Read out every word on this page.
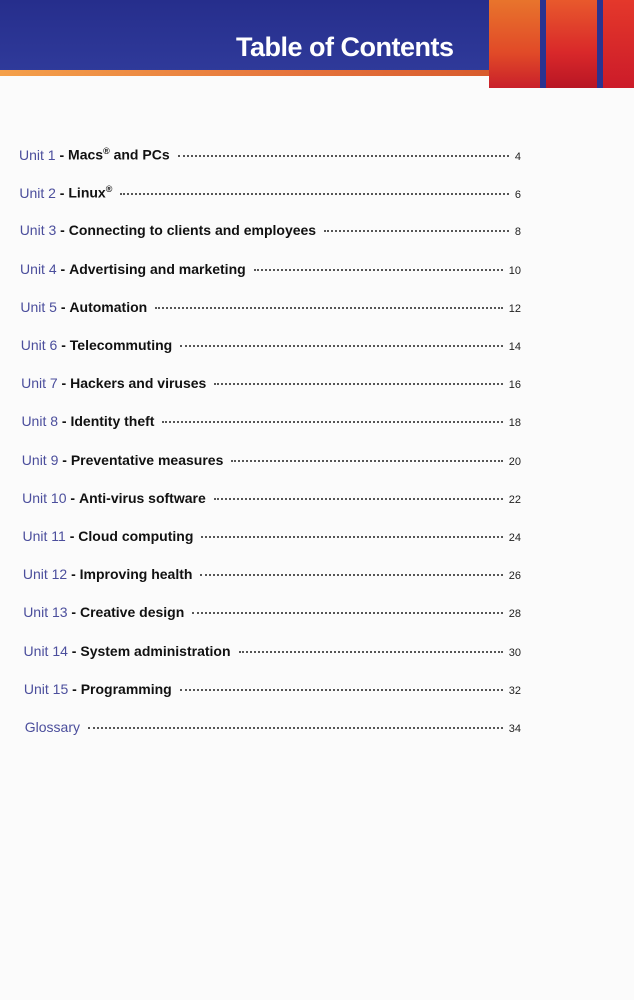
Table of Contents
Unit 1 - Macs® and PCs	4
Unit 2 - Linux®	6
Unit 3 - Connecting to clients and employees	8
Unit 4 - Advertising and marketing	10
Unit 5 - Automation	12
Unit 6 - Telecommuting	14
Unit 7 - Hackers and viruses	16
Unit 8 - Identity theft	18
Unit 9 - Preventative measures	20
Unit 10 - Anti-virus software	22
Unit 11 - Cloud computing	24
Unit 12 - Improving health	26
Unit 13 - Creative design	28
Unit 14 - System administration	30
Unit 15 - Programming	32
Glossary	34
